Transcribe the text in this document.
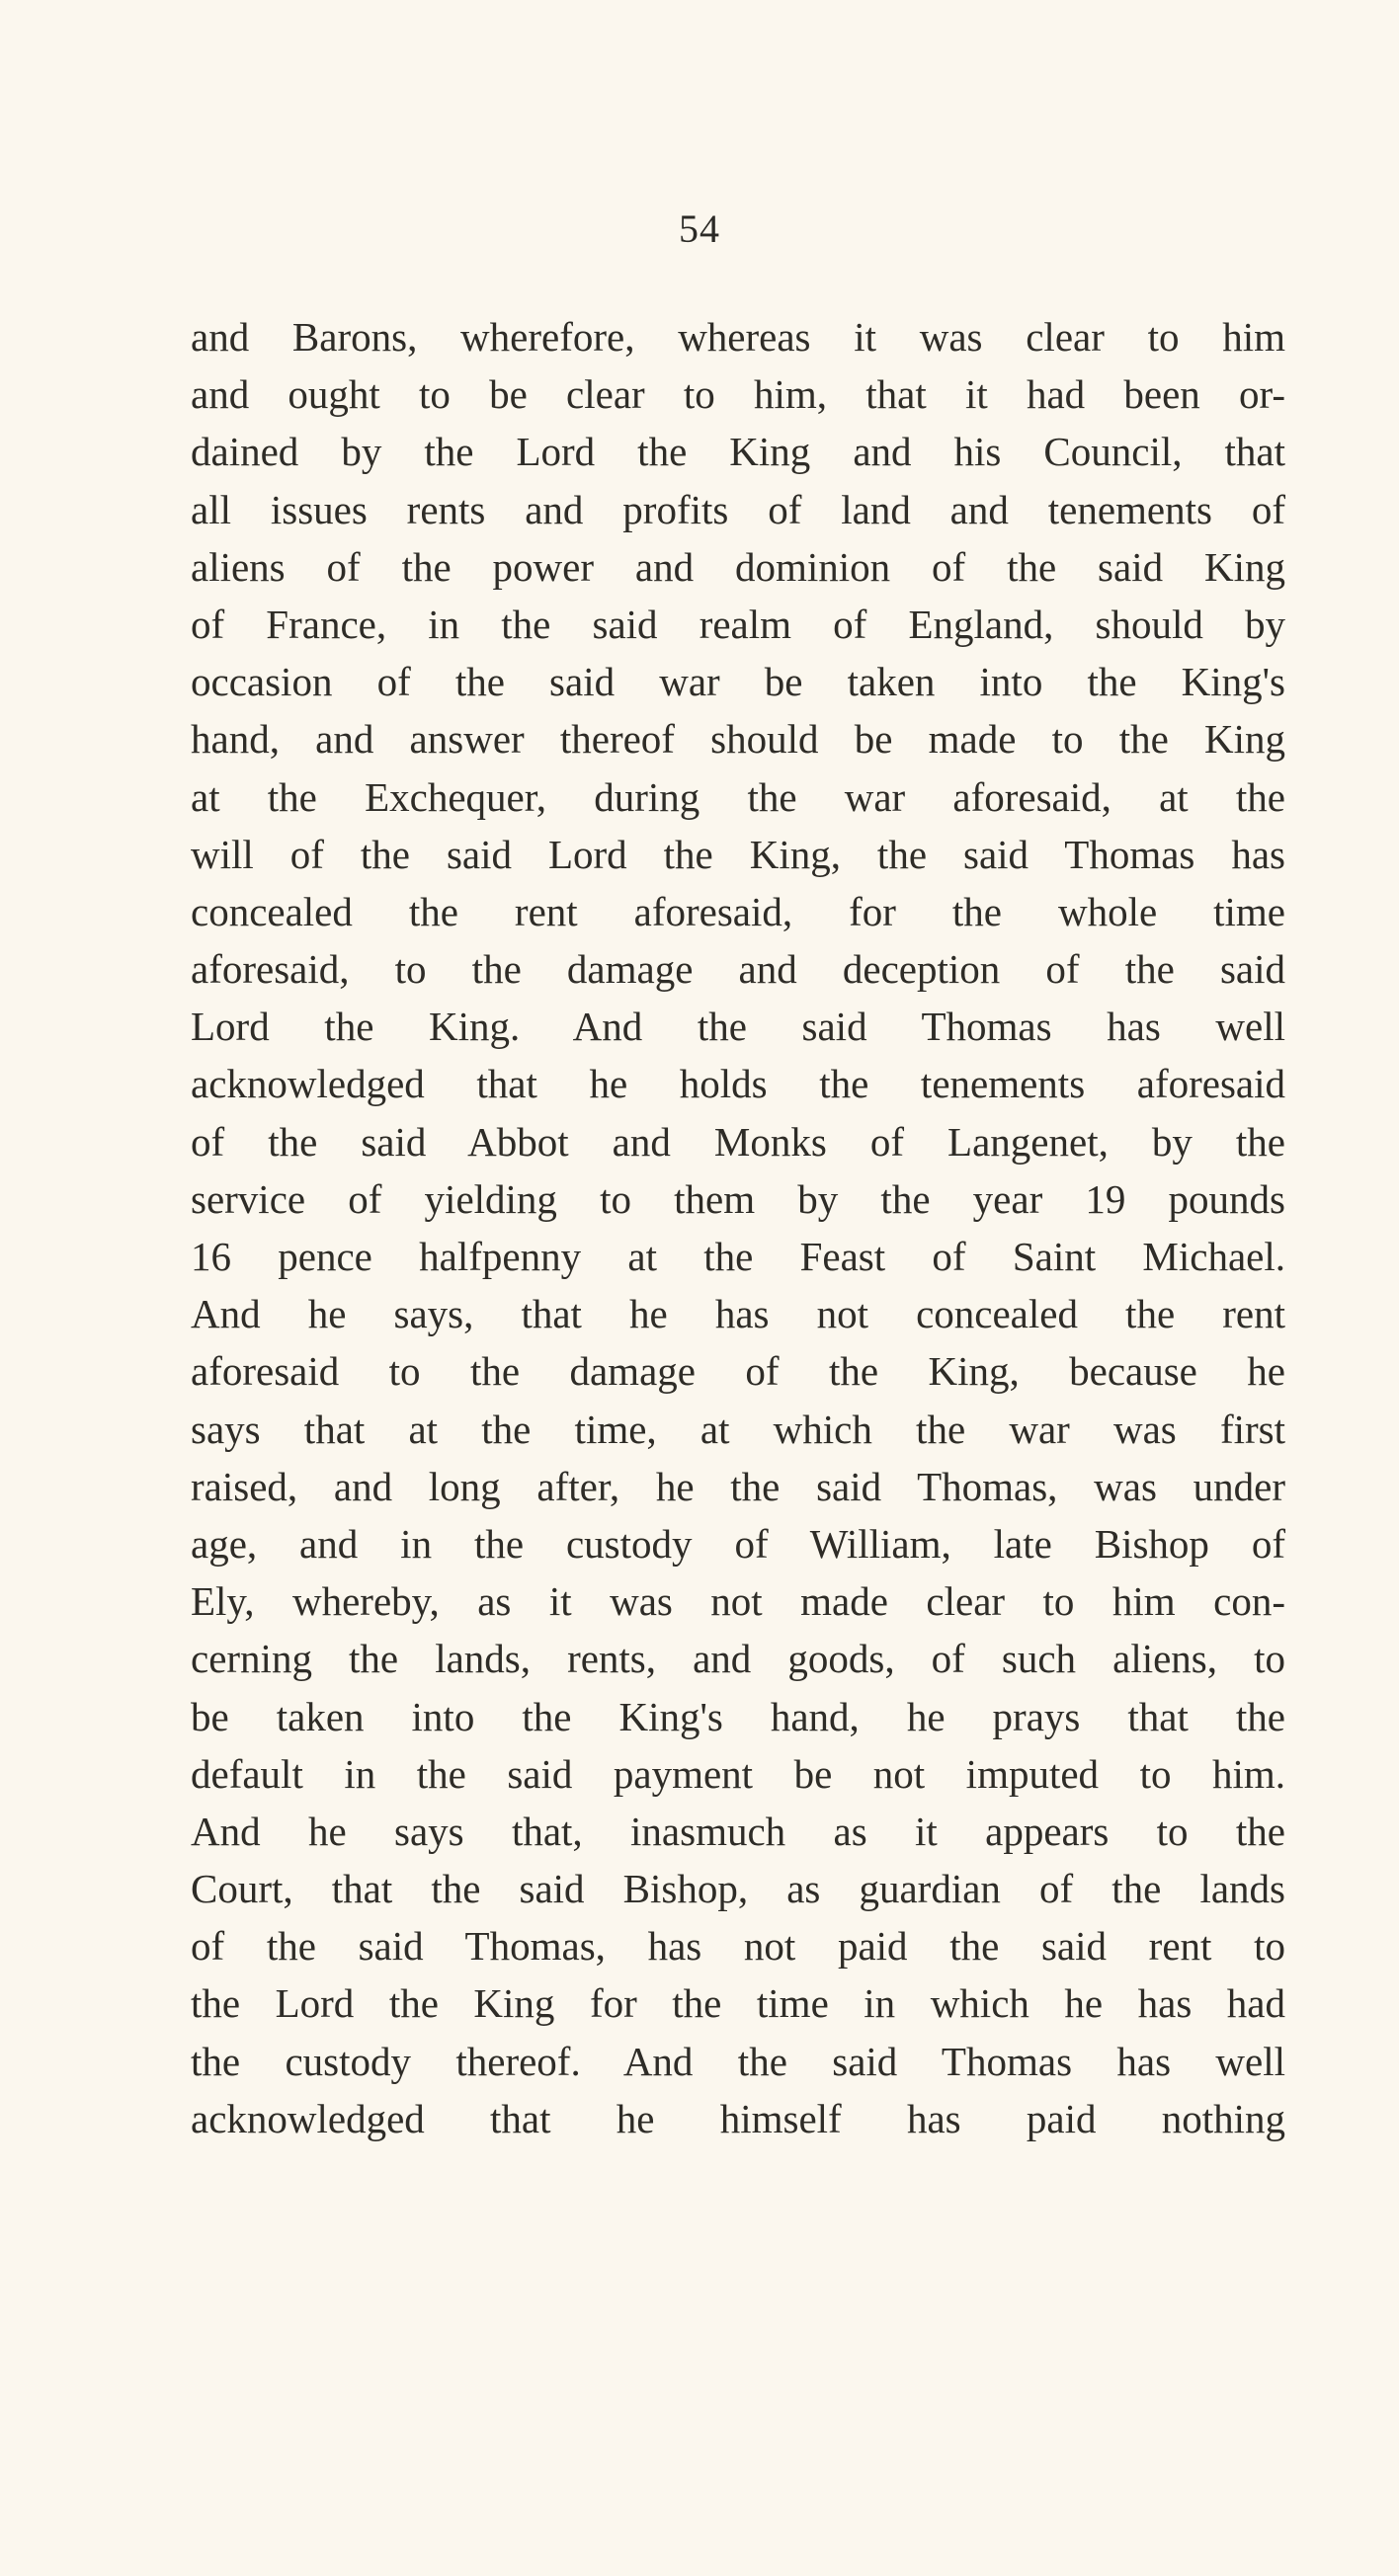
54
and Barons, wherefore, whereas it was clear to him
and ought to be clear to him, that it had been or-
dained by the Lord the King and his Council, that
all issues rents and profits of land and tenements of
aliens of the power and dominion of the said King
of France, in the said realm of England, should by
occasion of the said war be taken into the King's
hand, and answer thereof should be made to the King
at the Exchequer, during the war aforesaid, at the
will of the said Lord the King, the said Thomas has
concealed the rent aforesaid, for the whole time
aforesaid, to the damage and deception of the said
Lord the King. And the said Thomas has well
acknowledged that he holds the tenements aforesaid
of the said Abbot and Monks of Langenet, by the
service of yielding to them by the year 19 pounds
16 pence halfpenny at the Feast of Saint Michael.
And he says, that he has not concealed the rent
aforesaid to the damage of the King, because he
says that at the time, at which the war was first
raised, and long after, he the said Thomas, was under
age, and in the custody of William, late Bishop of
Ely, whereby, as it was not made clear to him con-
cerning the lands, rents, and goods, of such aliens, to
be taken into the King's hand, he prays that the
default in the said payment be not imputed to him.
And he says that, inasmuch as it appears to the
Court, that the said Bishop, as guardian of the lands
of the said Thomas, has not paid the said rent to
the Lord the King for the time in which he has had
the custody thereof. And the said Thomas has well
acknowledged that he himself has paid nothing
